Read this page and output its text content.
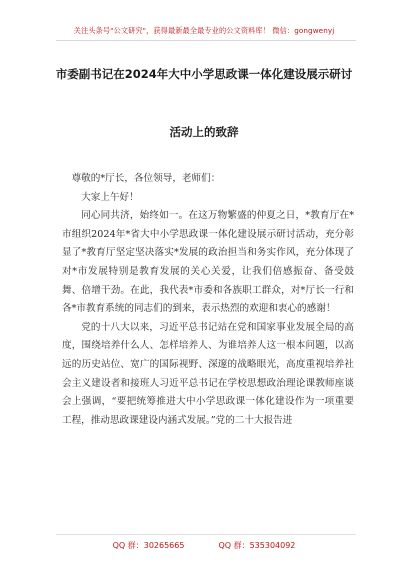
关注头条号"公文研究"，获得最新最全最专业的公文资料库！ 微信：gongwenyj
市委副书记在2024年大中小学思政课一体化建设展示研讨
活动上的致辞

尊敬的*厅长，各位领导，老师们：

大家上午好！

同心同共济，始终如一。在这万物繁盛的仲夏之日，*教育厅在*市组织2024年*省大中小学思政课一体化建设展示研讨活动，充分彰显了*教育厅坚定坚决落实*发展的政治担当和务实作风，充分体现了对*市发展特别是教育发展的关心关爱，让我们倍感振奋、备受鼓舞、倍增干劲。在此，我代表*市委和各族职工群众，对*厅长一行和各*市教育系统的同志们的到来，表示热烈的欢迎和衷心的感谢！

党的十八大以来，习近平总书记站在党和国家事业发展全局的高度，围绕培养什么人、怎样培养人、为谁培养人这一根本问题，以高远的历史站位、宽广的国际视野、深邃的战略眼光，高度重视培养社会主义建设者和接班人习近平总书记在学校思想政治理论课教师座谈会上强调，“要把统筹推进大中小学思政课一体化建设作为一项重要工程，推动思政课建设内涵式发展。”党的二十大报告进

QQ 群：30265665	QQ 群：535304092
